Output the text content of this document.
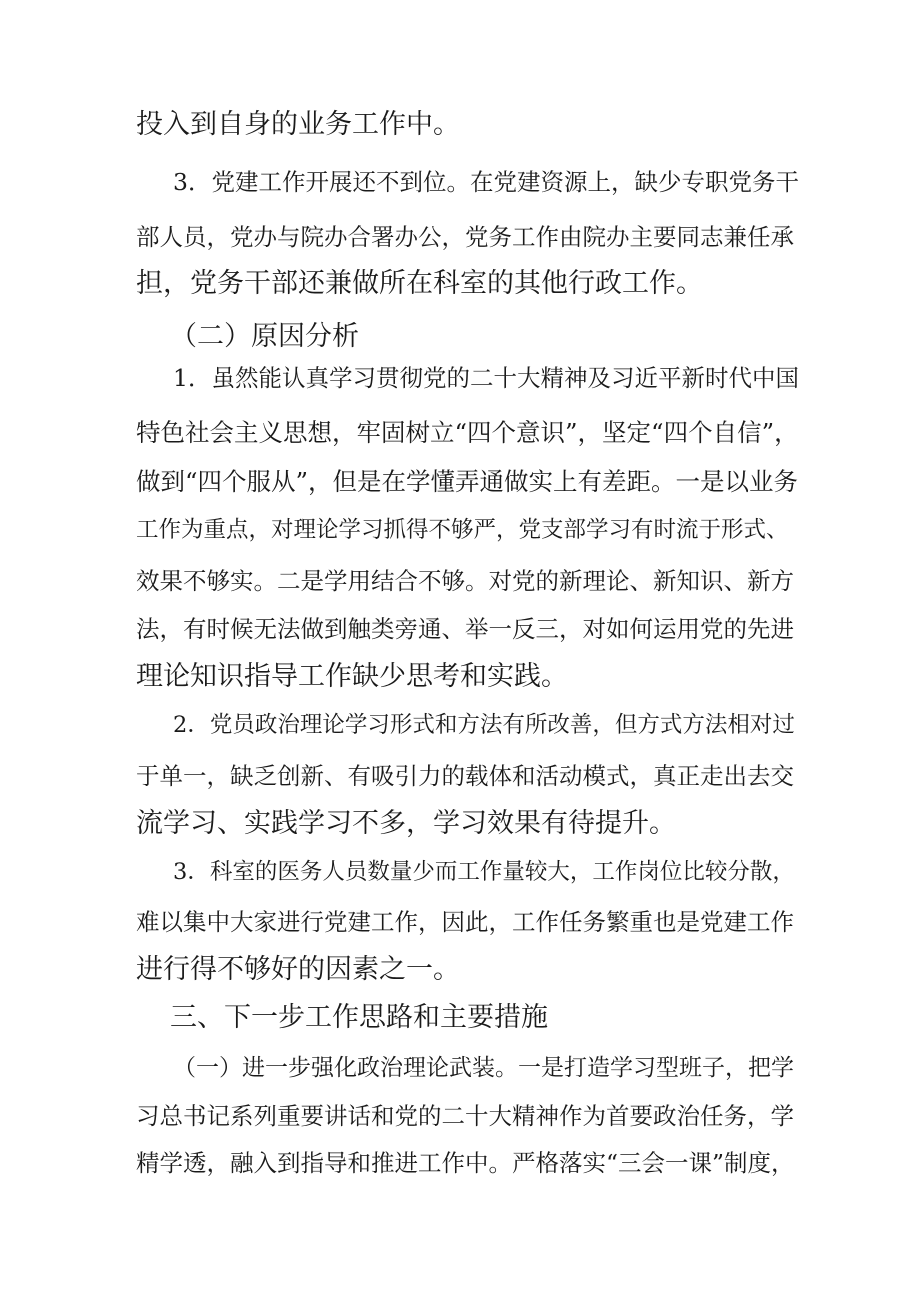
投入到自身的业务工作中。
3．党建工作开展还不到位。在党建资源上，缺少专职党务干
部人员，党办与院办合署办公，党务工作由院办主要同志兼任承
担，党务干部还兼做所在科室的其他行政工作。
（二）原因分析
1．虽然能认真学习贯彻党的二十大精神及习近平新时代中国
特色社会主义思想，牢固树立“四个意识”，坚定“四个自信”，
做到“四个服从”，但是在学懂弄通做实上有差距。一是以业务
工作为重点，对理论学习抓得不够严，党支部学习有时流于形式、
效果不够实。二是学用结合不够。对党的新理论、新知识、新方
法，有时候无法做到触类旁通、举一反三，对如何运用党的先进
理论知识指导工作缺少思考和实践。
2．党员政治理论学习形式和方法有所改善，但方式方法相对过
于单一，缺乏创新、有吸引力的载体和活动模式，真正走出去交
流学习、实践学习不多，学习效果有待提升。
3．科室的医务人员数量少而工作量较大，工作岗位比较分散，
难以集中大家进行党建工作，因此，工作任务繁重也是党建工作
进行得不够好的因素之一。
三、下一步工作思路和主要措施
（一）进一步强化政治理论武装。一是打造学习型班子，把学
习总书记系列重要讲话和党的二十大精神作为首要政治任务，学
精学透，融入到指导和推进工作中。严格落实“三会一课”制度，
